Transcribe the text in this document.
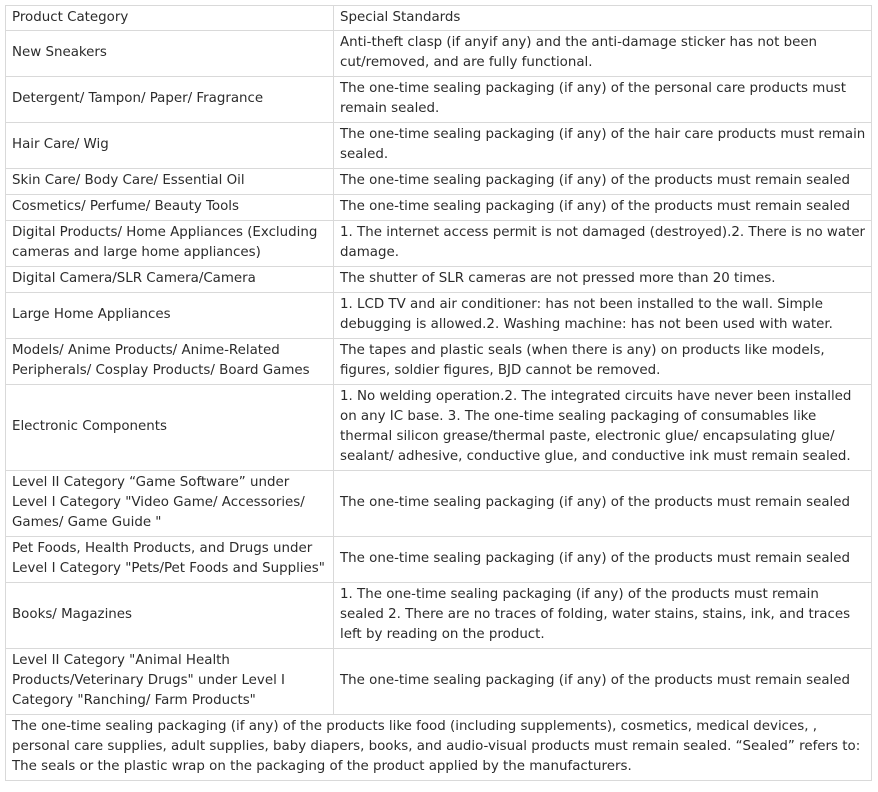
Product Category	Special Standards
New Sneakers	Anti-theft clasp (if anyif any) and the anti-damage sticker has not been cut/removed, and are fully functional.
Detergent/ Tampon/ Paper/ Fragrance	The one-time sealing packaging (if any) of the personal care products must remain sealed.
Hair Care/ Wig	The one-time sealing packaging (if any) of the hair care products must remain sealed.
Skin Care/ Body Care/ Essential Oil	The one-time sealing packaging (if any) of the products must remain sealed
Cosmetics/ Perfume/ Beauty Tools	The one-time sealing packaging (if any) of the products must remain sealed
Digital Products/ Home Appliances (Excluding cameras and large home appliances)	1. The internet access permit is not damaged (destroyed).2. There is no water damage.
Digital Camera/SLR Camera/Camera	The shutter of SLR cameras are not pressed more than 20 times.
Large Home Appliances	1. LCD TV and air conditioner: has not been installed to the wall. Simple debugging is allowed.2. Washing machine: has not been used with water.
Models/ Anime Products/ Anime-Related Peripherals/ Cosplay Products/ Board Games	The tapes and plastic seals (when there is any) on products like models, figures, soldier figures, BJD cannot be removed.
Electronic Components	1. No welding operation.2. The integrated circuits have never been installed on any IC base. 3. The one-time sealing packaging of consumables like thermal silicon grease/thermal paste, electronic glue/ encapsulating glue/ sealant/ adhesive, conductive glue, and conductive ink must remain sealed.
Level II Category “Game Software” under Level I Category "Video Game/ Accessories/ Games/ Game Guide "	The one-time sealing packaging (if any) of the products must remain sealed
Pet Foods, Health Products, and Drugs under Level I Category "Pets/Pet Foods and Supplies"	The one-time sealing packaging (if any) of the products must remain sealed
Books/ Magazines	1. The one-time sealing packaging (if any) of the products must remain sealed 2. There are no traces of folding, water stains, stains, ink, and traces left by reading on the product.
Level II Category "Animal Health Products/Veterinary Drugs" under Level I Category "Ranching/ Farm Products"	The one-time sealing packaging (if any) of the products must remain sealed
The one-time sealing packaging (if any) of the products like food (including supplements), cosmetics, medical devices, , personal care supplies, adult supplies, baby diapers, books, and audio-visual products must remain sealed. “Sealed” refers to: The seals or the plastic wrap on the packaging of the product applied by the manufacturers.	
